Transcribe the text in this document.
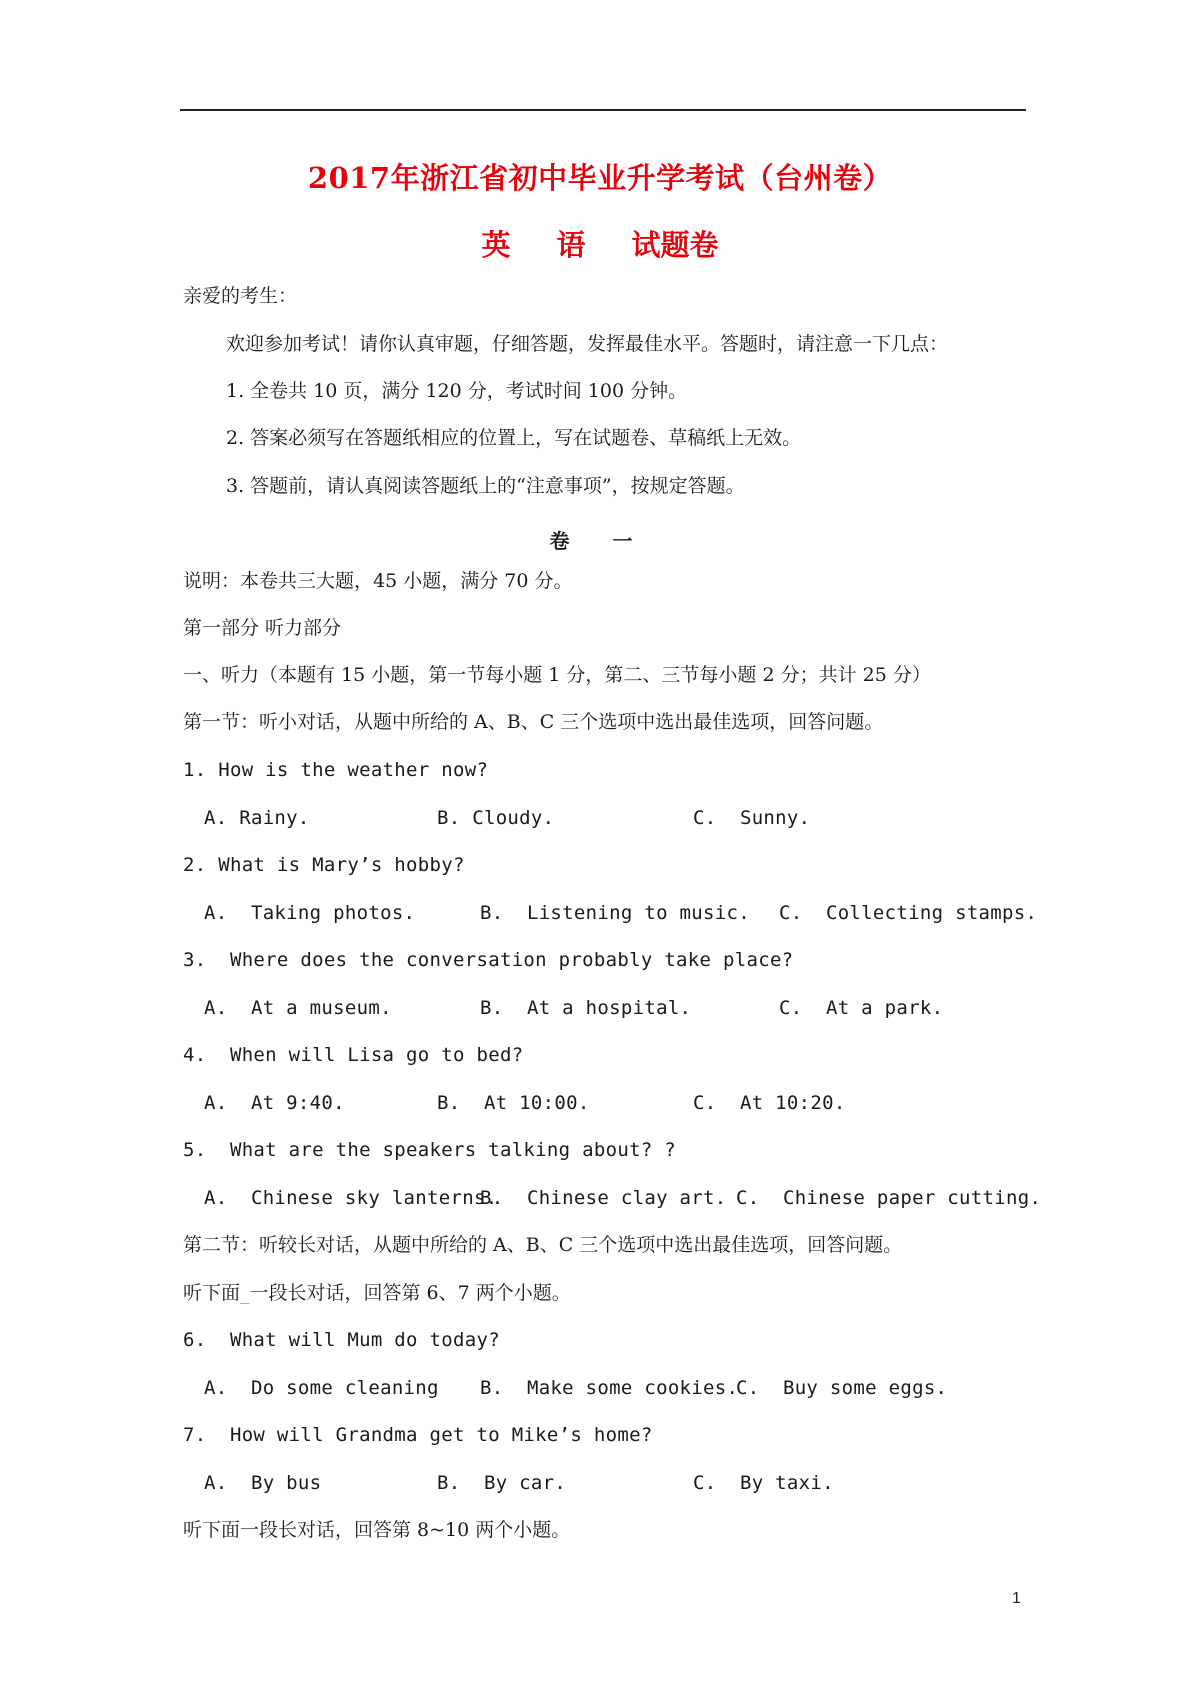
2017年浙江省初中毕业升学考试（台州卷）
英 语 试题卷
亲爱的考生：
欢迎参加考试！请你认真审题，仔细答题，发挥最佳水平。答题时，请注意一下几点：
1. 全卷共 10 页，满分 120 分，考试时间 100 分钟。
2. 答案必须写在答题纸相应的位置上，写在试题卷、草稿纸上无效。
3. 答题前，请认真阅读答题纸上的“注意事项”，按规定答题。
卷 一
说明：本卷共三大题，45 小题，满分 70 分。
第一部分 听力部分
一、听力（本题有 15 小题，第一节每小题 1 分，第二、三节每小题 2 分；共计 25 分）
第一节：听小对话，从题中所给的 A、B、C 三个选项中选出最佳选项，回答问题。
1. How is the weather now?
A. Rainy.	B. Cloudy.	C.  Sunny.
2. What is Mary’s hobby?
A.  Taking photos.	B.  Listening to music. C.  Collecting stamps.
3.  Where does the conversation probably take place?
A.  At a museum.	B.  At a hospital.	C.  At a park.
4.  When will Lisa go to bed?
A.  At 9:40.	B.  At 10:00.	C.  At 10:20.
5.  What are the speakers talking about? ?
A.  Chinese sky lanterns.
B.  Chinese clay art. C.  Chinese paper cutting.
第二节：听较长对话，从题中所给的 A、B、C 三个选项中选出最佳选项，回答问题。
听下面_一段长对话，回答第 6、7 两个小题。
6.  What will Mum do today?
A.  Do some cleaning B.  Make some cookies.
C.  Buy some eggs.
7.  How will Grandma get to Mike’s home?
A.  By bus	B.  By car.	C.  By taxi.
听下面一段长对话，回答第 8~10 两个小题。
1
